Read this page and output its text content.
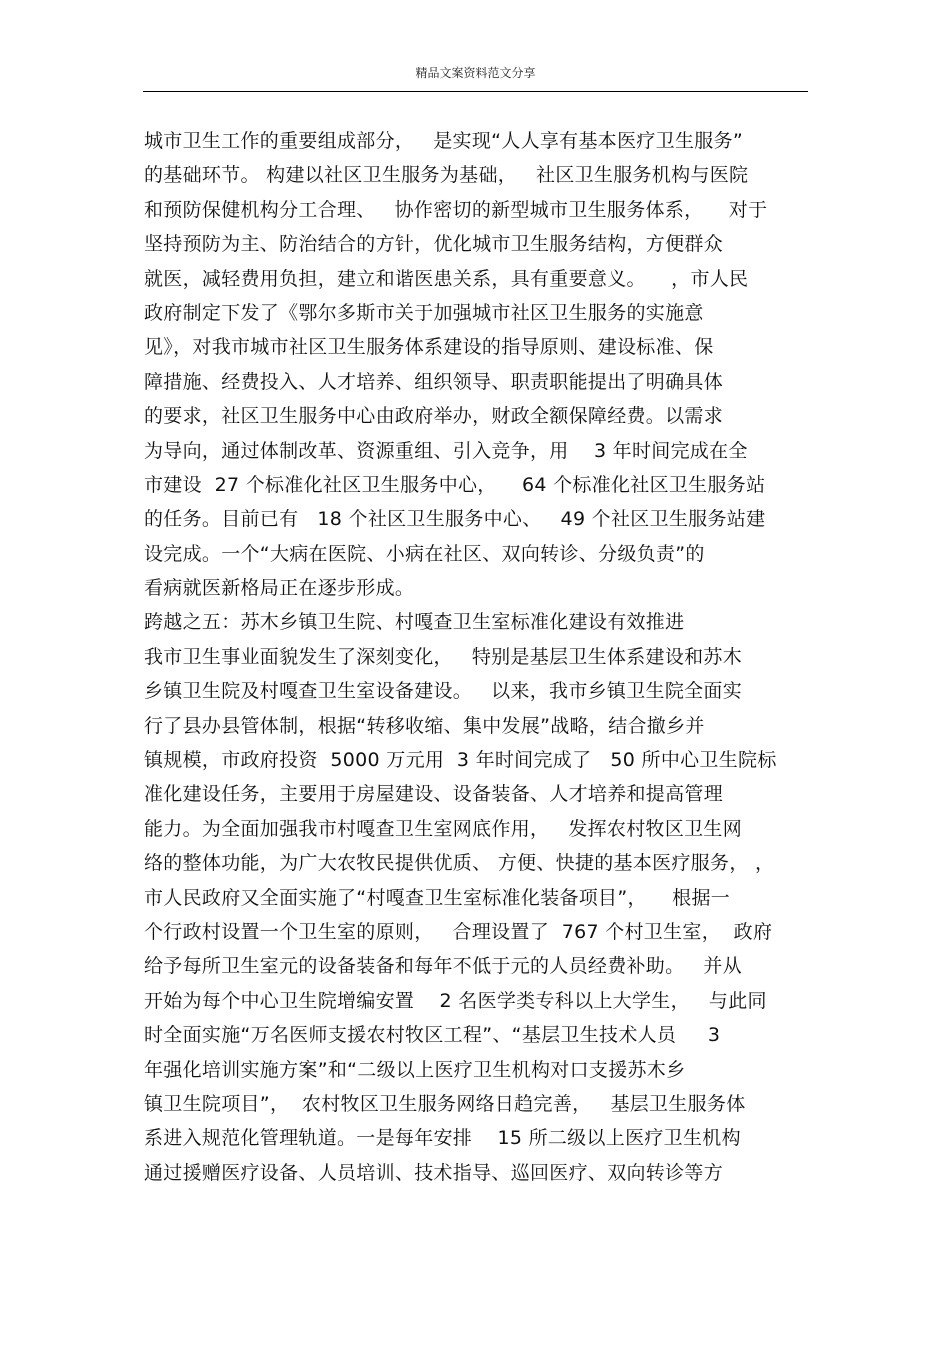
精品文案资料范文分享
城市卫生工作的重要组成部分，   是实现“人人享有基本医疗卫生服务”
的基础环节。 构建以社区卫生服务为基础，   社区卫生服务机构与医院
和预防保健机构分工合理、   协作密切的新型城市卫生服务体系，    对于
坚持预防为主、防治结合的方针，优化城市卫生服务结构，方便群众
就医，减轻费用负担，建立和谐医患关系，具有重要意义。    ，市人民
政府制定下发了《鄂尔多斯市关于加强城市社区卫生服务的实施意
见》，对我市城市社区卫生服务体系建设的指导原则、建设标准、保
障措施、经费投入、人才培养、组织领导、职责职能提出了明确具体
的要求，社区卫生服务中心由政府举办，财政全额保障经费。以需求
为导向，通过体制改革、资源重组、引入竞争，用    3 年时间完成在全
市建设  27 个标准化社区卫生服务中心，    64 个标准化社区卫生服务站
的任务。目前已有   18 个社区卫生服务中心、   49 个社区卫生服务站建
设完成。一个“大病在医院、小病在社区、双向转诊、分级负责”的
看病就医新格局正在逐步形成。
跨越之五：苏木乡镇卫生院、村嘎查卫生室标准化建设有效推进
我市卫生事业面貌发生了深刻变化，   特别是基层卫生体系建设和苏木
乡镇卫生院及村嘎查卫生室设备建设。   以来，我市乡镇卫生院全面实
行了县办县管体制，根据“转移收缩、集中发展”战略，结合撤乡并
镇规模，市政府投资  5000 万元用  3 年时间完成了   50 所中心卫生院标
准化建设任务，主要用于房屋建设、设备装备、人才培养和提高管理
能力。为全面加强我市村嘎查卫生室网底作用，   发挥农村牧区卫生网
络的整体功能，为广大农牧民提供优质、 方便、快捷的基本医疗服务， ，
市人民政府又全面实施了“村嘎查卫生室标准化装备项目”，    根据一
个行政村设置一个卫生室的原则，   合理设置了  767 个村卫生室，  政府
给予每所卫生室元的设备装备和每年不低于元的人员经费补助。   并从
开始为每个中心卫生院增编安置    2 名医学类专科以上大学生，   与此同
时全面实施“万名医师支援农村牧区工程”、“基层卫生技术人员     3
年强化培训实施方案”和“二级以上医疗卫生机构对口支援苏木乡
镇卫生院项目”，  农村牧区卫生服务网络日趋完善，   基层卫生服务体
系进入规范化管理轨道。一是每年安排    15 所二级以上医疗卫生机构
通过援赠医疗设备、人员培训、技术指导、巡回医疗、双向转诊等方
